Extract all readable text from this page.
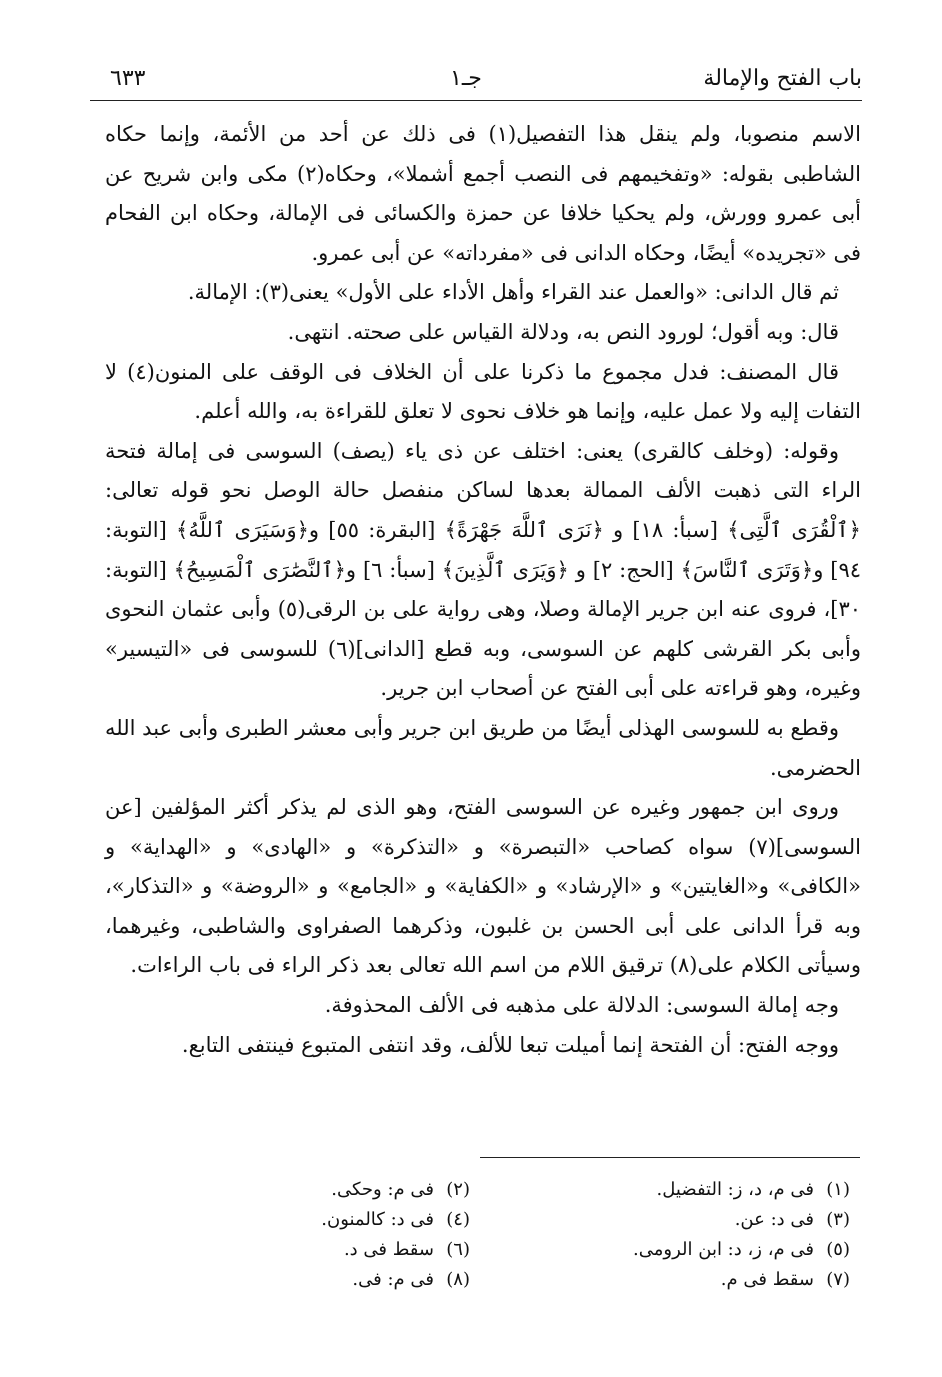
باب الفتح والإمالة
جـ١
٦٣٣

الاسم منصوبا، ولم ينقل هذا التفصيل(١) فى ذلك عن أحد من الأئمة، وإنما حكاه الشاطبى بقوله: «وتفخيمهم فى النصب أجمع أشملا»، وحكاه(٢) مكى وابن شريح عن أبى عمرو وورش، ولم يحكيا خلافا عن حمزة والكسائى فى الإمالة، وحكاه ابن الفحام فى «تجريده» أيضًا، وحكاه الدانى فى «مفرداته» عن أبى عمرو.

ثم قال الدانى: «والعمل عند القراء وأهل الأداء على الأول» يعنى(٣): الإمالة.

قال: وبه أقول؛ لورود النص به، ودلالة القياس على صحته. انتهى.

قال المصنف: فدل مجموع ما ذكرنا على أن الخلاف فى الوقف على المنون(٤) لا التفات إليه ولا عمل عليه، وإنما هو خلاف نحوى لا تعلق للقراءة به، والله أعلم.

وقوله: (وخلف كالقرى) يعنى: اختلف عن ذى ياء (يصف) السوسى فى إمالة فتحة الراء التى ذهبت الألف الممالة بعدها لساكن منفصل حالة الوصل نحو قوله تعالى: ﴿ٱلْقُرَى ٱلَّتِى﴾ [سبأ: ١٨] و ﴿نَرَى ٱللَّهَ جَهْرَةً﴾ [البقرة: ٥٥] و﴿وَسَيَرَى ٱللَّهُ﴾ [التوبة: ٩٤] و﴿وَتَرَى ٱلنَّاسَ﴾ [الحج: ٢] و ﴿وَيَرَى ٱلَّذِينَ﴾ [سبأ: ٦] و﴿ٱلنَّصَٰرَى ٱلْمَسِيحُ﴾ [التوبة: ٣٠]، فروى عنه ابن جرير الإمالة وصلا، وهى رواية على بن الرقى(٥) وأبى عثمان النحوى وأبى بكر القرشى كلهم عن السوسى، وبه قطع [الدانى](٦) للسوسى فى «التيسير» وغيره، وهو قراءته على أبى الفتح عن أصحاب ابن جرير.

وقطع به للسوسى الهذلى أيضًا من طريق ابن جرير وأبى معشر الطبرى وأبى عبد الله الحضرمى.

وروى ابن جمهور وغيره عن السوسى الفتح، وهو الذى لم يذكر أكثر المؤلفين [عن السوسى](٧) سواه كصاحب «التبصرة» و «التذكرة» و «الهادى» و «الهداية» و «الكافى» و«الغايتين» و «الإرشاد» و «الكفاية» و «الجامع» و «الروضة» و «التذكار»، وبه قرأ الدانى على أبى الحسن بن غلبون، وذكرهما الصفراوى والشاطبى، وغيرهما، وسيأتى الكلام على(٨) ترقيق اللام من اسم الله تعالى بعد ذكر الراء فى باب الراءات.

وجه إمالة السوسى: الدلالة على مذهبه فى الألف المحذوفة.

ووجه الفتح: أن الفتحة إنما أميلت تبعا للألف، وقد انتفى المتبوع فينتفى التابع.

(١)فى م، د، ز: التفضيل.
(٣)فى د: عن.
(٥)فى م، ز، د: ابن الرومى.
(٧)سقط فى م.
(٢)فى م: وحكى.
(٤)فى د: كالمنون.
(٦)سقط فى د.
(٨)فى م: فى.
